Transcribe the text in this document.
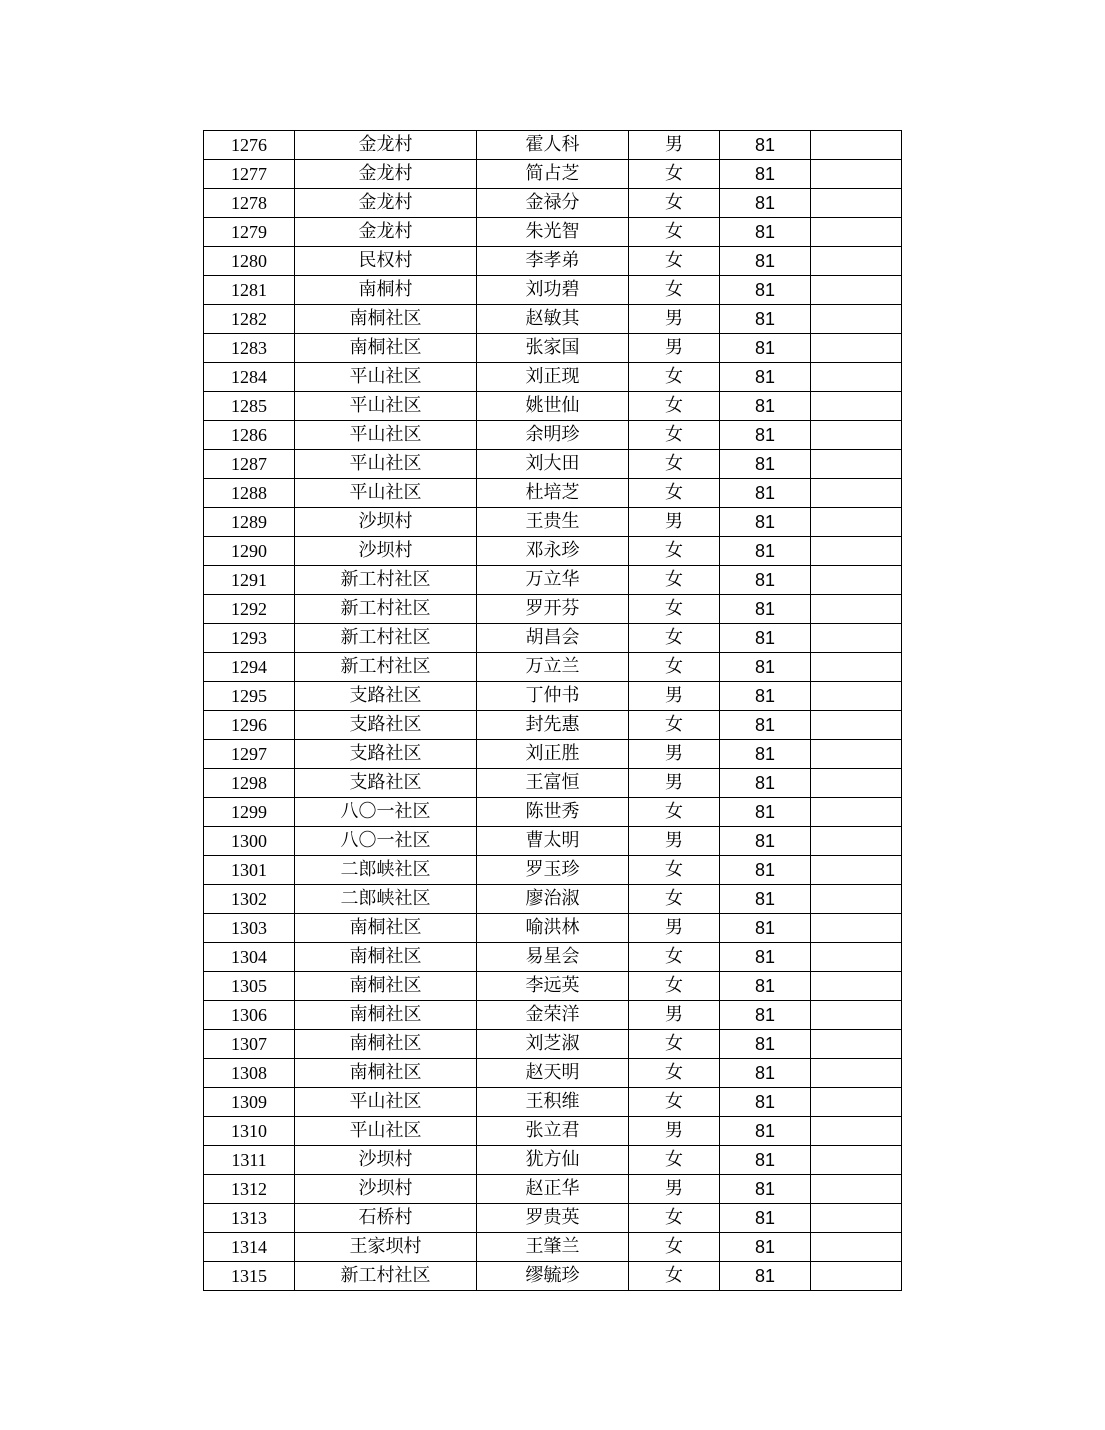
1276	金龙村	霍人科	男	81	
1277	金龙村	简占芝	女	81	
1278	金龙村	金禄分	女	81	
1279	金龙村	朱光智	女	81	
1280	民权村	李孝弟	女	81	
1281	南桐村	刘功碧	女	81	
1282	南桐社区	赵敏其	男	81	
1283	南桐社区	张家国	男	81	
1284	平山社区	刘正现	女	81	
1285	平山社区	姚世仙	女	81	
1286	平山社区	余明珍	女	81	
1287	平山社区	刘大田	女	81	
1288	平山社区	杜培芝	女	81	
1289	沙坝村	王贵生	男	81	
1290	沙坝村	邓永珍	女	81	
1291	新工村社区	万立华	女	81	
1292	新工村社区	罗开芬	女	81	
1293	新工村社区	胡昌会	女	81	
1294	新工村社区	万立兰	女	81	
1295	支路社区	丁仲书	男	81	
1296	支路社区	封先惠	女	81	
1297	支路社区	刘正胜	男	81	
1298	支路社区	王富恒	男	81	
1299	八〇一社区	陈世秀	女	81	
1300	八〇一社区	曹太明	男	81	
1301	二郎峡社区	罗玉珍	女	81	
1302	二郎峡社区	廖治淑	女	81	
1303	南桐社区	喻洪林	男	81	
1304	南桐社区	易星会	女	81	
1305	南桐社区	李远英	女	81	
1306	南桐社区	金荣洋	男	81	
1307	南桐社区	刘芝淑	女	81	
1308	南桐社区	赵天明	女	81	
1309	平山社区	王积维	女	81	
1310	平山社区	张立君	男	81	
1311	沙坝村	犹方仙	女	81	
1312	沙坝村	赵正华	男	81	
1313	石桥村	罗贵英	女	81	
1314	王家坝村	王肇兰	女	81	
1315	新工村社区	缪毓珍	女	81	
